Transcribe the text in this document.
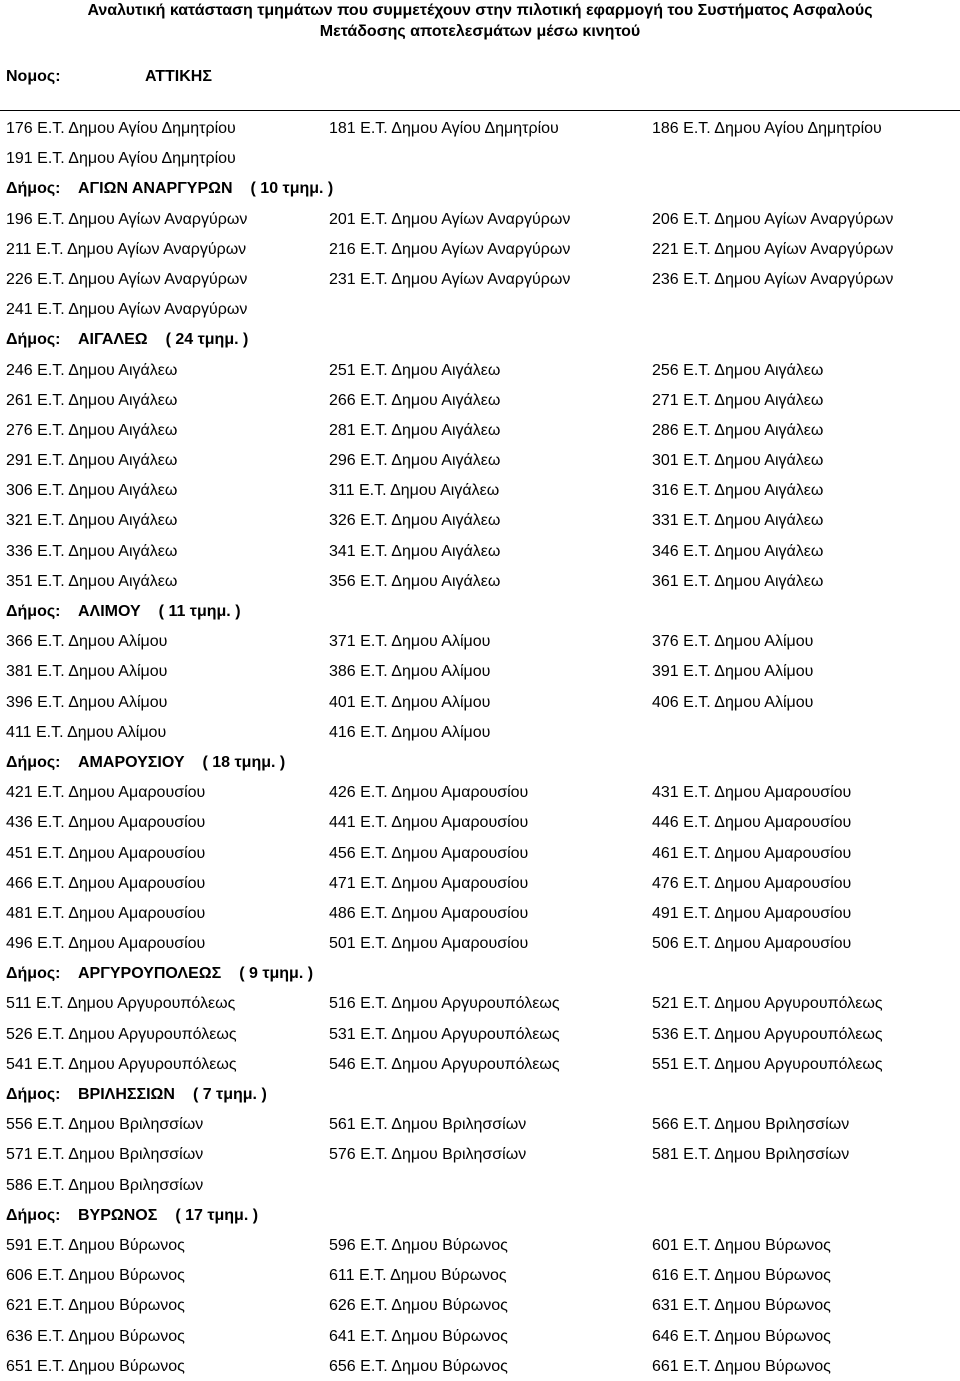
Αναλυτική κατάσταση τμημάτων που συμμετέχουν στην πιλοτική εφαρμογή του Συστήματος Ασφαλούς
Μετάδοσης αποτελεσμάτων μέσω κινητού
Νομος:	ΑΤΤΙΚΗΣ
176 Ε.Τ. Δημου Αγίου Δημητρίου	181 Ε.Τ. Δημου Αγίου Δημητρίου	186 Ε.Τ. Δημου Αγίου Δημητρίου
191 Ε.Τ. Δημου Αγίου Δημητρίου
Δήμος: ΑΓΙΩΝ ΑΝΑΡΓΥΡΩΝ ( 10 τμημ. )
196 Ε.Τ. Δημου Αγίων Αναργύρων	201 Ε.Τ. Δημου Αγίων Αναργύρων	206 Ε.Τ. Δημου Αγίων Αναργύρων
211 Ε.Τ. Δημου Αγίων Αναργύρων	216 Ε.Τ. Δημου Αγίων Αναργύρων	221 Ε.Τ. Δημου Αγίων Αναργύρων
226 Ε.Τ. Δημου Αγίων Αναργύρων	231 Ε.Τ. Δημου Αγίων Αναργύρων	236 Ε.Τ. Δημου Αγίων Αναργύρων
241 Ε.Τ. Δημου Αγίων Αναργύρων
Δήμος: ΑΙΓΑΛΕΩ ( 24 τμημ. )
246 Ε.Τ. Δημου Αιγάλεω	251 Ε.Τ. Δημου Αιγάλεω	256 Ε.Τ. Δημου Αιγάλεω
261 Ε.Τ. Δημου Αιγάλεω	266 Ε.Τ. Δημου Αιγάλεω	271 Ε.Τ. Δημου Αιγάλεω
276 Ε.Τ. Δημου Αιγάλεω	281 Ε.Τ. Δημου Αιγάλεω	286 Ε.Τ. Δημου Αιγάλεω
291 Ε.Τ. Δημου Αιγάλεω	296 Ε.Τ. Δημου Αιγάλεω	301 Ε.Τ. Δημου Αιγάλεω
306 Ε.Τ. Δημου Αιγάλεω	311 Ε.Τ. Δημου Αιγάλεω	316 Ε.Τ. Δημου Αιγάλεω
321 Ε.Τ. Δημου Αιγάλεω	326 Ε.Τ. Δημου Αιγάλεω	331 Ε.Τ. Δημου Αιγάλεω
336 Ε.Τ. Δημου Αιγάλεω	341 Ε.Τ. Δημου Αιγάλεω	346 Ε.Τ. Δημου Αιγάλεω
351 Ε.Τ. Δημου Αιγάλεω	356 Ε.Τ. Δημου Αιγάλεω	361 Ε.Τ. Δημου Αιγάλεω
Δήμος: ΑΛΙΜΟΥ ( 11 τμημ. )
366 Ε.Τ. Δημου Αλίμου	371 Ε.Τ. Δημου Αλίμου	376 Ε.Τ. Δημου Αλίμου
381 Ε.Τ. Δημου Αλίμου	386 Ε.Τ. Δημου Αλίμου	391 Ε.Τ. Δημου Αλίμου
396 Ε.Τ. Δημου Αλίμου	401 Ε.Τ. Δημου Αλίμου	406 Ε.Τ. Δημου Αλίμου
411 Ε.Τ. Δημου Αλίμου	416 Ε.Τ. Δημου Αλίμου
Δήμος: ΑΜΑΡΟΥΣΙΟΥ ( 18 τμημ. )
421 Ε.Τ. Δημου Αμαρουσίου	426 Ε.Τ. Δημου Αμαρουσίου	431 Ε.Τ. Δημου Αμαρουσίου
436 Ε.Τ. Δημου Αμαρουσίου	441 Ε.Τ. Δημου Αμαρουσίου	446 Ε.Τ. Δημου Αμαρουσίου
451 Ε.Τ. Δημου Αμαρουσίου	456 Ε.Τ. Δημου Αμαρουσίου	461 Ε.Τ. Δημου Αμαρουσίου
466 Ε.Τ. Δημου Αμαρουσίου	471 Ε.Τ. Δημου Αμαρουσίου	476 Ε.Τ. Δημου Αμαρουσίου
481 Ε.Τ. Δημου Αμαρουσίου	486 Ε.Τ. Δημου Αμαρουσίου	491 Ε.Τ. Δημου Αμαρουσίου
496 Ε.Τ. Δημου Αμαρουσίου	501 Ε.Τ. Δημου Αμαρουσίου	506 Ε.Τ. Δημου Αμαρουσίου
Δήμος: ΑΡΓΥΡΟΥΠΟΛΕΩΣ ( 9 τμημ. )
511 Ε.Τ. Δημου Αργυρουπόλεως	516 Ε.Τ. Δημου Αργυρουπόλεως	521 Ε.Τ. Δημου Αργυρουπόλεως
526 Ε.Τ. Δημου Αργυρουπόλεως	531 Ε.Τ. Δημου Αργυρουπόλεως	536 Ε.Τ. Δημου Αργυρουπόλεως
541 Ε.Τ. Δημου Αργυρουπόλεως	546 Ε.Τ. Δημου Αργυρουπόλεως	551 Ε.Τ. Δημου Αργυρουπόλεως
Δήμος: ΒΡΙΛΗΣΣΙΩΝ ( 7 τμημ. )
556 Ε.Τ. Δημου Βριλησσίων	561 Ε.Τ. Δημου Βριλησσίων	566 Ε.Τ. Δημου Βριλησσίων
571 Ε.Τ. Δημου Βριλησσίων	576 Ε.Τ. Δημου Βριλησσίων	581 Ε.Τ. Δημου Βριλησσίων
586 Ε.Τ. Δημου Βριλησσίων
Δήμος: ΒΥΡΩΝΟΣ ( 17 τμημ. )
591 Ε.Τ. Δημου Βύρωνος	596 Ε.Τ. Δημου Βύρωνος	601 Ε.Τ. Δημου Βύρωνος
606 Ε.Τ. Δημου Βύρωνος	611 Ε.Τ. Δημου Βύρωνος	616 Ε.Τ. Δημου Βύρωνος
621 Ε.Τ. Δημου Βύρωνος	626 Ε.Τ. Δημου Βύρωνος	631 Ε.Τ. Δημου Βύρωνος
636 Ε.Τ. Δημου Βύρωνος	641 Ε.Τ. Δημου Βύρωνος	646 Ε.Τ. Δημου Βύρωνος
651 Ε.Τ. Δημου Βύρωνος	656 Ε.Τ. Δημου Βύρωνος	661 Ε.Τ. Δημου Βύρωνος
